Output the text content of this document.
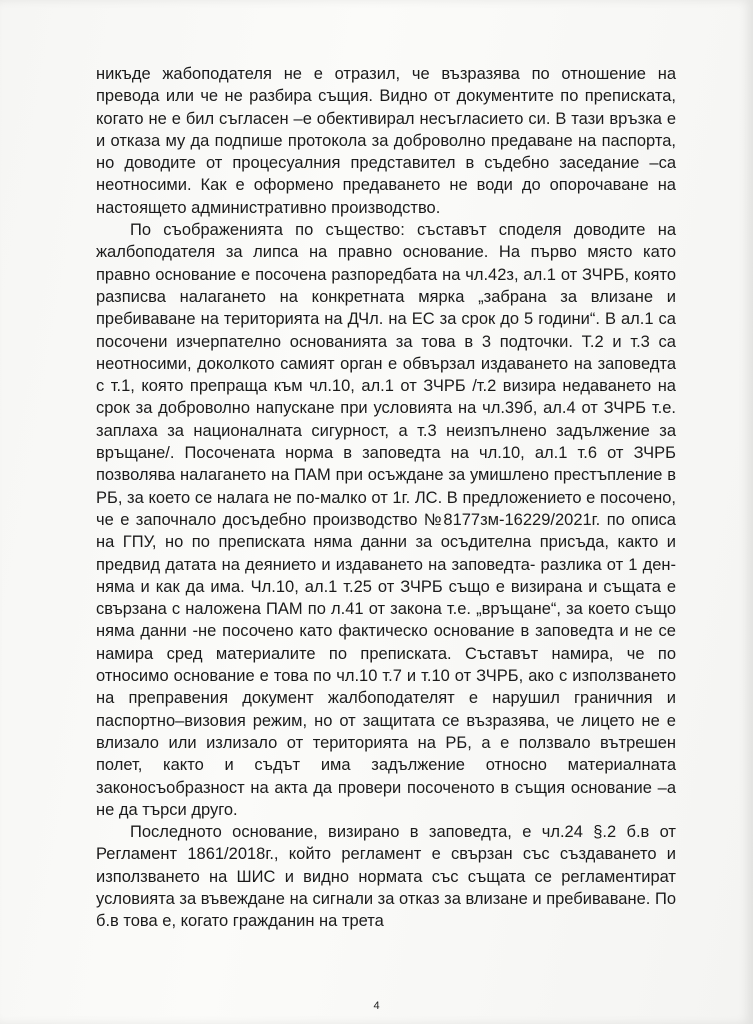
никъде жабоподателя не е отразил, че възразява по отношение на превода или че не разбира същия. Видно от документите по преписката, когато не е бил съгласен –е обективирал несъгласието си. В тази връзка е и отказа му да подпише протокола за доброволно предаване на паспорта, но доводите от процесуалния представител в съдебно заседание –са неотносими. Как е оформено предаването не води до опорочаване на настоящето административно производство.

По съображенията по същество: съставът споделя доводите на жалбоподателя за липса на правно основание. На първо място като правно основание е посочена разпоредбата на чл.42з, ал.1 от ЗЧРБ, която разписва налагането на конкретната мярка „забрана за влизане и пребиваване на територията на ДЧл. на ЕС за срок до 5 години“. В ал.1 са посочени изчерпателно основанията за това в 3 подточки. Т.2 и т.3 са неотносими, доколкото самият орган е обвързал издаването на заповедта с т.1, която препраща към чл.10, ал.1 от ЗЧРБ /т.2 визира недаването на срок за доброволно напускане при условията на чл.39б, ал.4 от ЗЧРБ т.е. заплаха за националната сигурност, а т.3 неизпълнено задължение за връщане/. Посочената норма в заповедта на чл.10, ал.1 т.6 от ЗЧРБ позволява налагането на ПАМ при осъждане за умишлено престъпление в РБ, за което се налага не по-малко от 1г. ЛС. В предложението е посочено, че е започнало досъдебно производство №8177зм-16229/2021г. по описа на ГПУ, но по преписката няма данни за осъдителна присъда, както и предвид датата на деянието и издаването на заповедта- разлика от 1 ден- няма и как да има. Чл.10, ал.1 т.25 от ЗЧРБ също е визирана и същата е свързана с наложена ПАМ по л.41 от закона т.е. „връщане“, за което също няма данни -не посочено като фактическо основание в заповедта и не се намира сред материалите по преписката. Съставът намира, че по относимо основание е това по чл.10 т.7 и т.10 от ЗЧРБ, ако с използването на преправения документ жалбоподателят е нарушил граничния и паспортно–визовия режим, но от защитата се възразява, че лицето не е влизало или излизало от територията на РБ, а е ползвало вътрешен полет, както и съдът има задължение относно материалната законосъобразност на акта да провери посоченото в същия основание –а не да търси друго.

Последното основание, визирано в заповедта, е чл.24 §.2 б.в от Регламент 1861/2018г., който регламент е свързан със създаването и използването на ШИС и видно нормата със същата се регламентират условията за въвеждане на сигнали за отказ за влизане и пребиваване. По б.в това е, когато гражданин на трета

4
